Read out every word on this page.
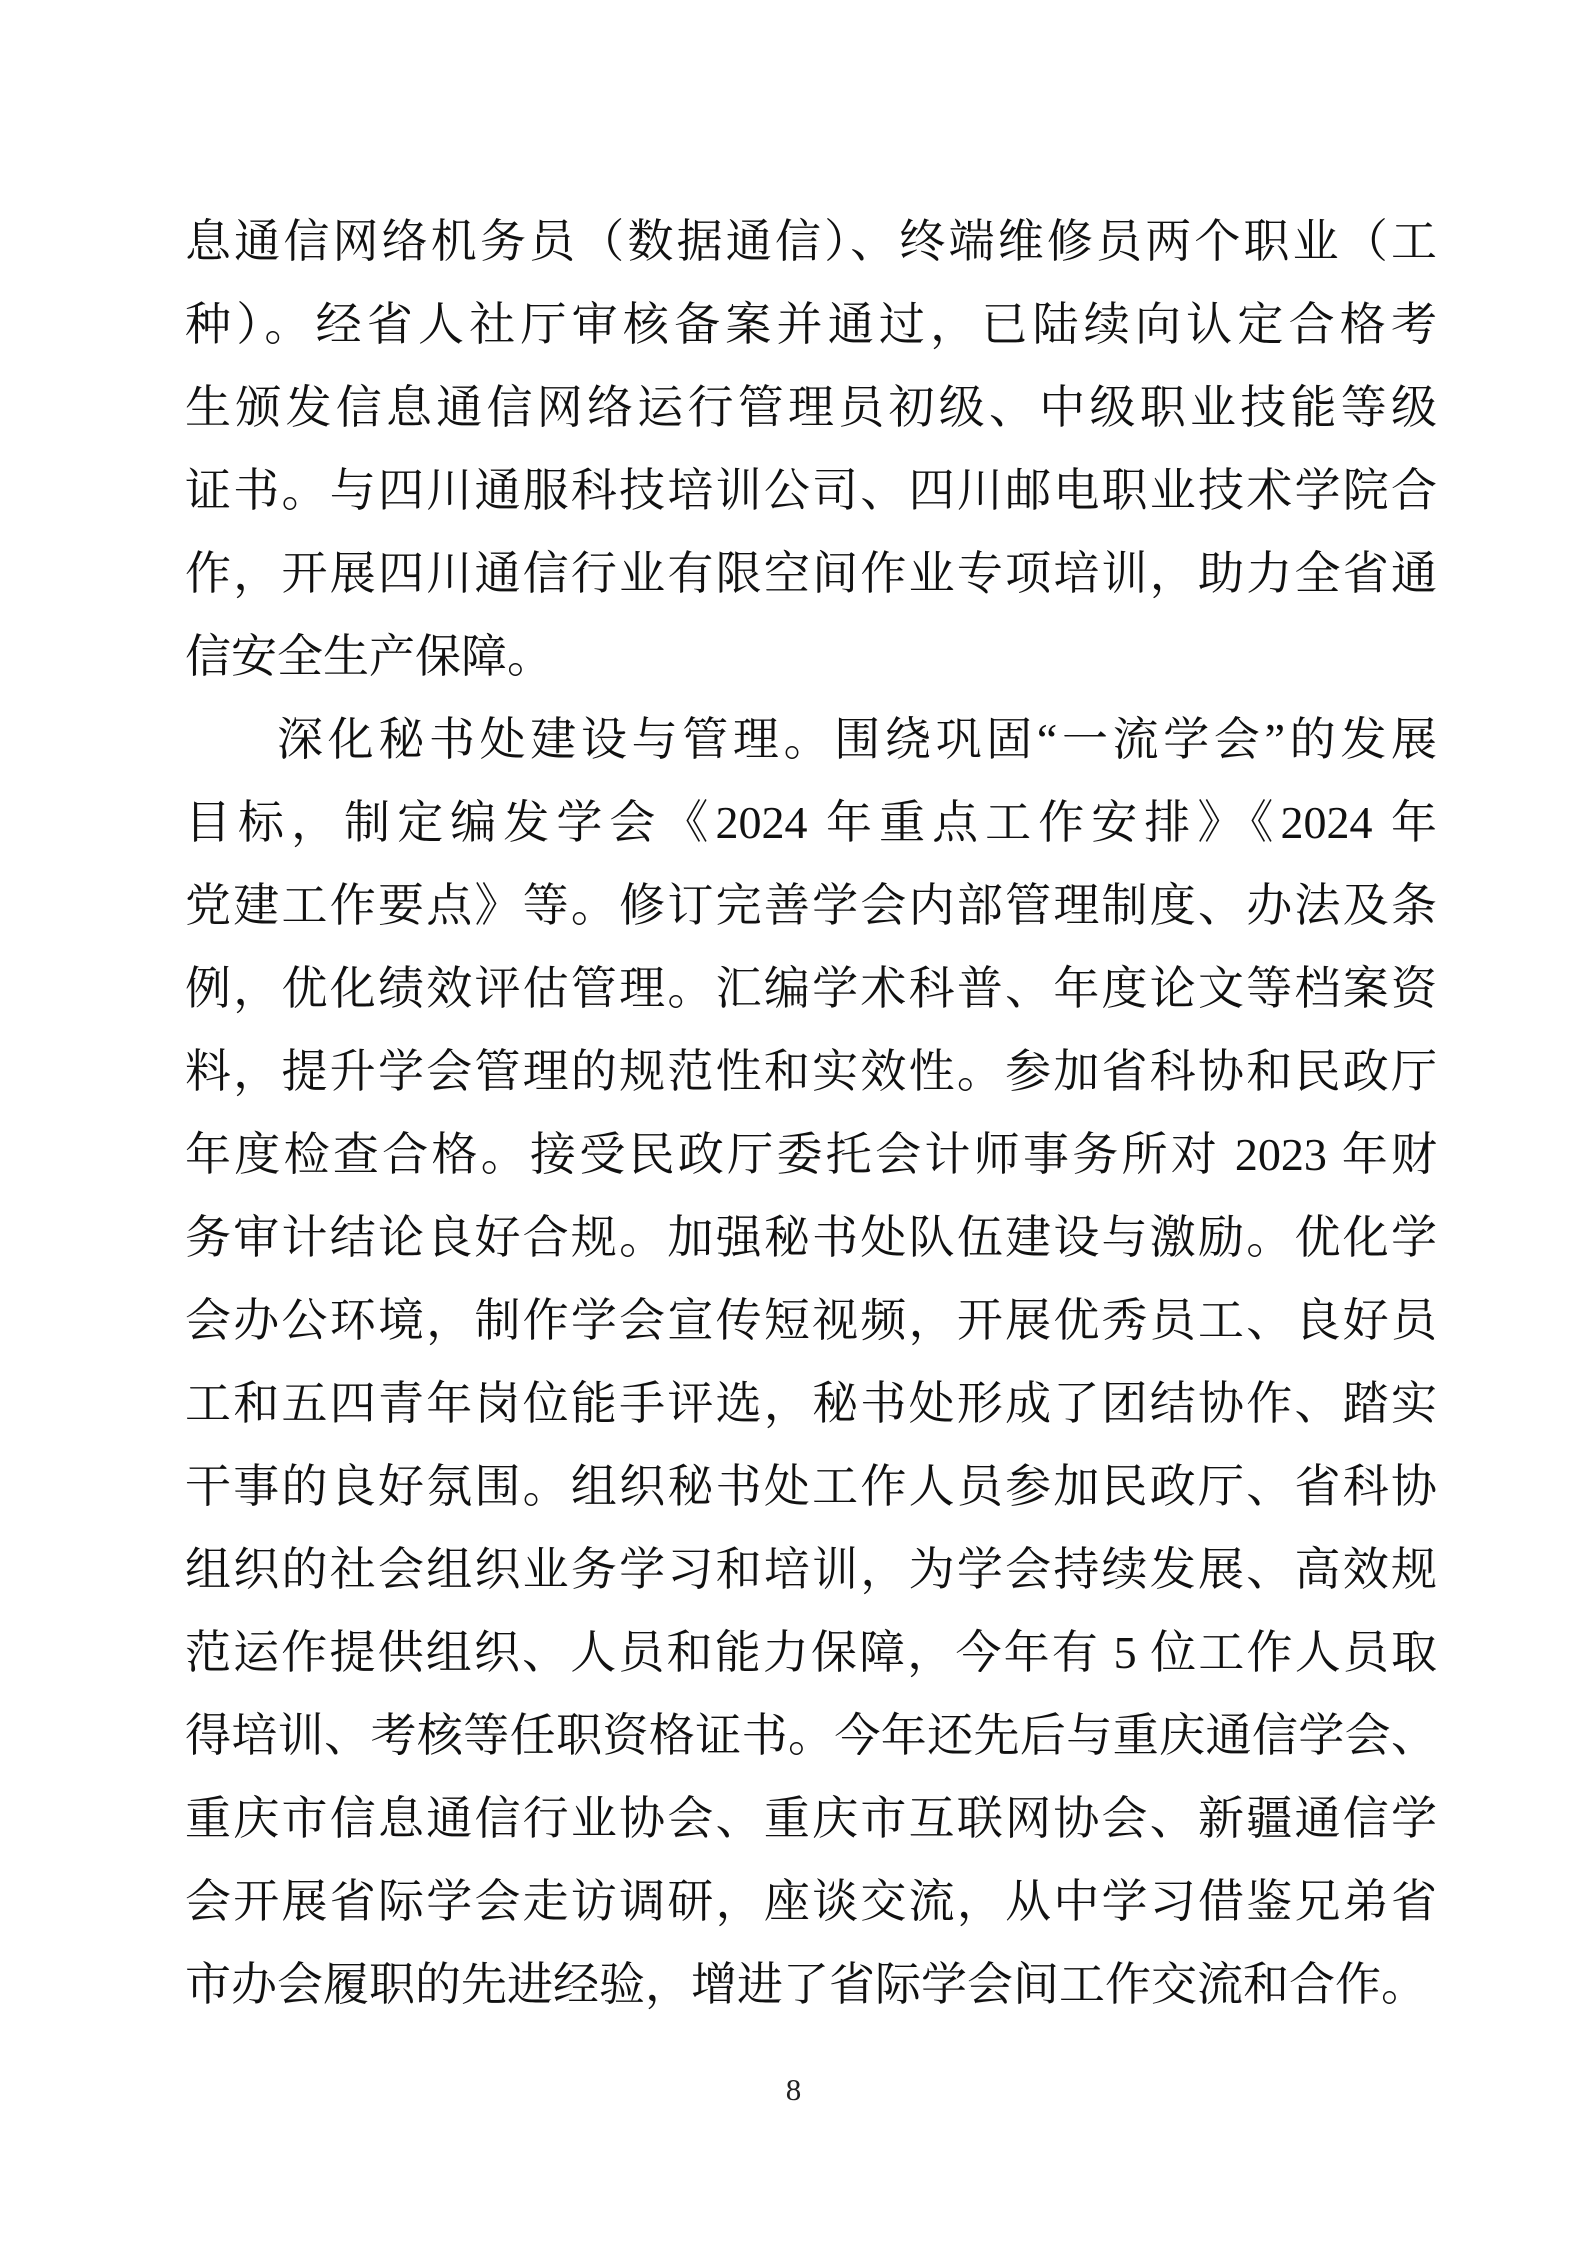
息通信网络机务员（数据通信）、终端维修员两个职业（工
种）。经省人社厅审核备案并通过，已陆续向认定合格考
生颁发信息通信网络运行管理员初级、中级职业技能等级
证书。与四川通服科技培训公司、四川邮电职业技术学院合
作，开展四川通信行业有限空间作业专项培训，助力全省通
信安全生产保障。
深化秘书处建设与管理。围绕巩固“一流学会”的发展
目标，制定编发学会《2024 年重点工作安排》《2024 年
党建工作要点》等。修订完善学会内部管理制度、办法及条
例，优化绩效评估管理。汇编学术科普、年度论文等档案资
料，提升学会管理的规范性和实效性。参加省科协和民政厅
年度检查合格。接受民政厅委托会计师事务所对 2023 年财
务审计结论良好合规。加强秘书处队伍建设与激励。优化学
会办公环境，制作学会宣传短视频，开展优秀员工、良好员
工和五四青年岗位能手评选，秘书处形成了团结协作、踏实
干事的良好氛围。组织秘书处工作人员参加民政厅、省科协
组织的社会组织业务学习和培训，为学会持续发展、高效规
范运作提供组织、人员和能力保障，今年有 5 位工作人员取
得培训、考核等任职资格证书。今年还先后与重庆通信学会、
重庆市信息通信行业协会、重庆市互联网协会、新疆通信学
会开展省际学会走访调研，座谈交流，从中学习借鉴兄弟省
市办会履职的先进经验，增进了省际学会间工作交流和合作。
8
